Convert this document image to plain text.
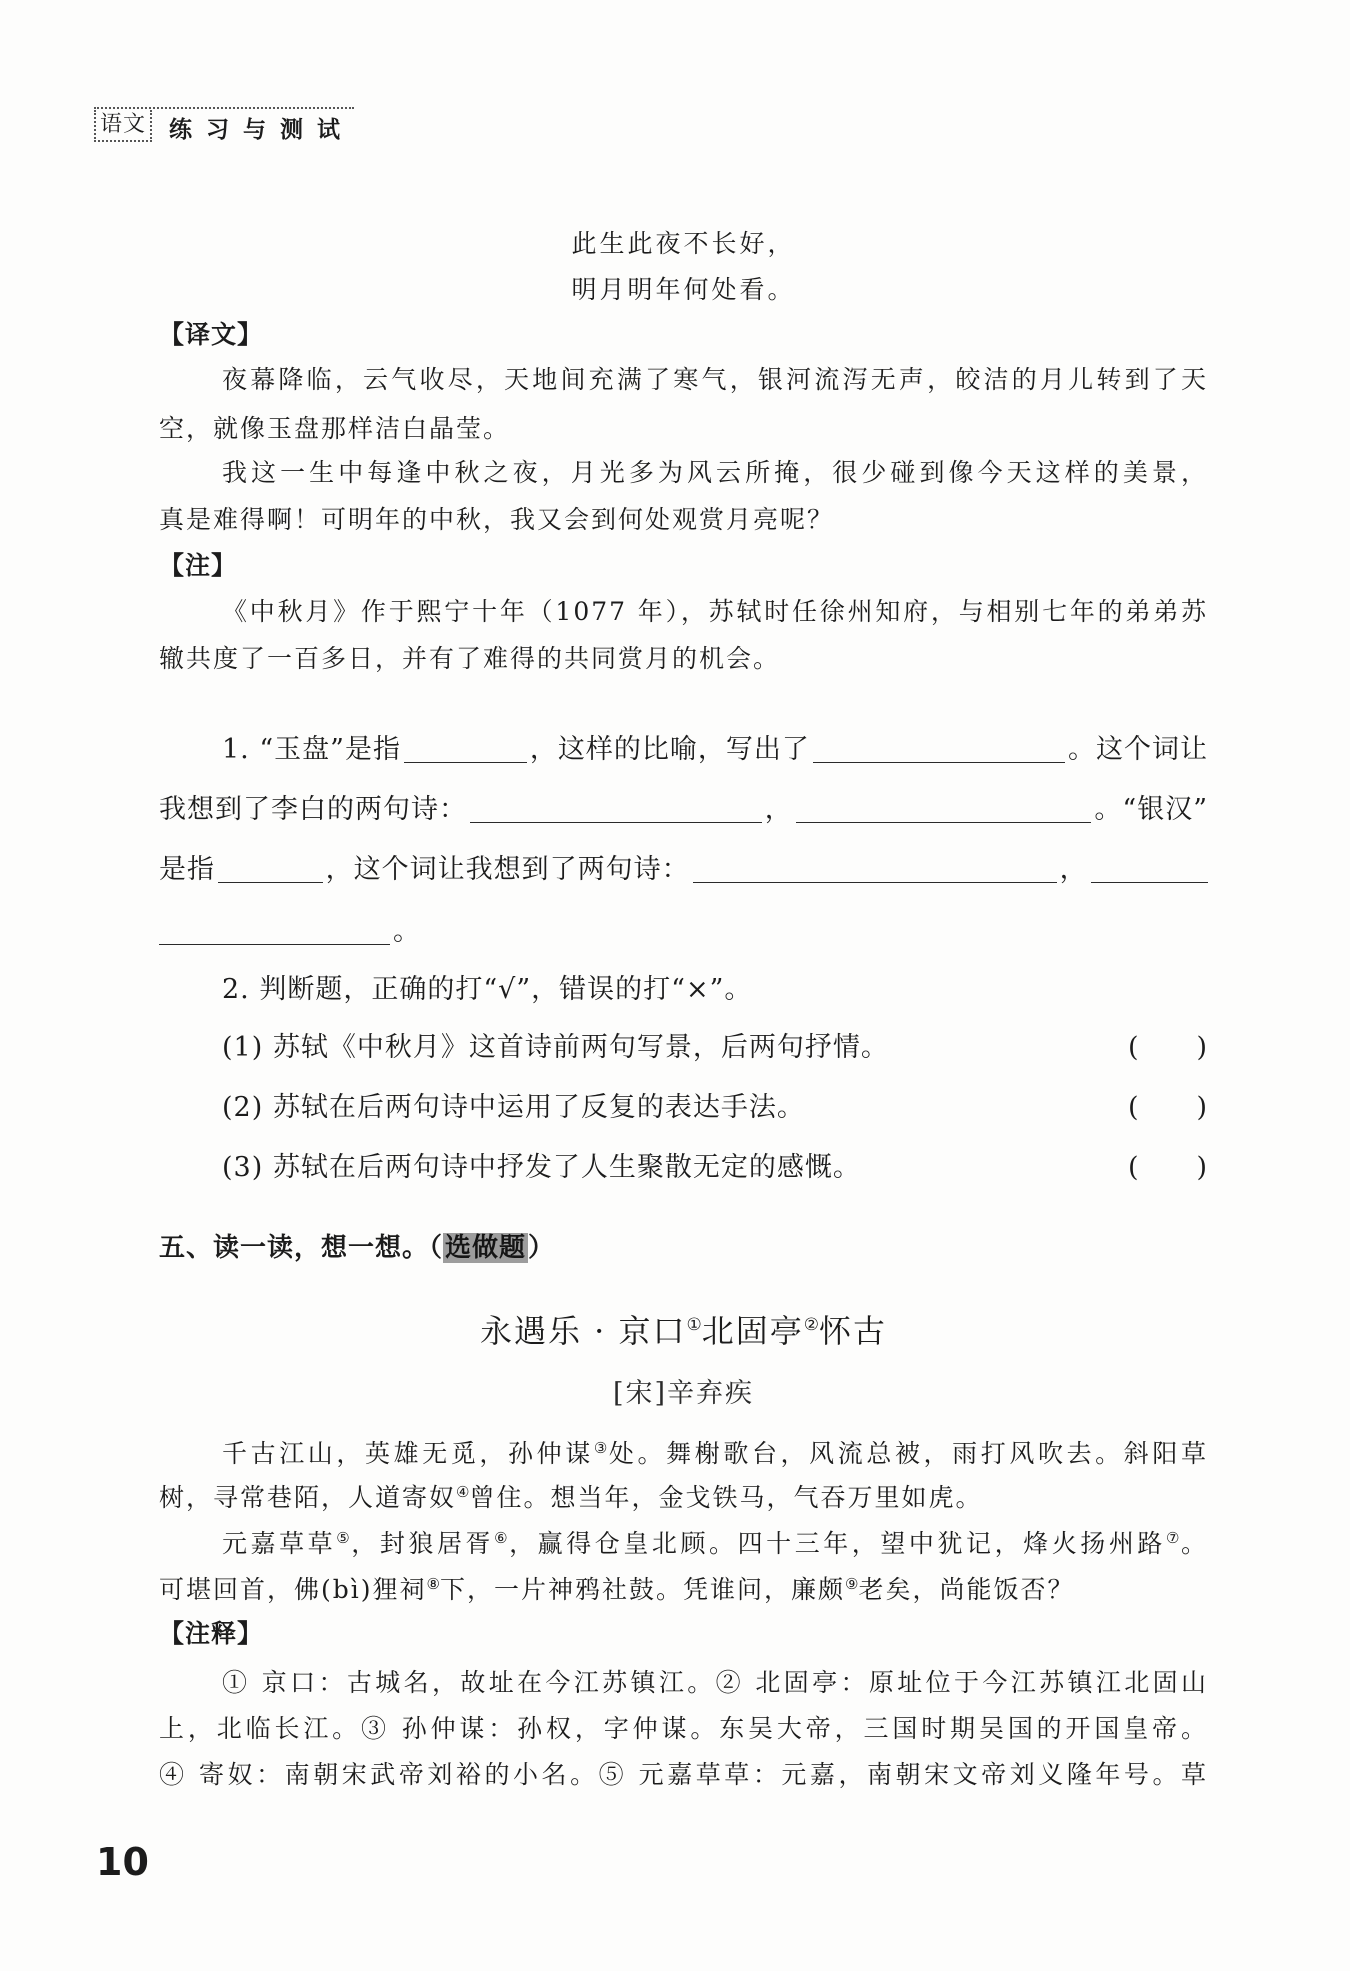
语文 练习与测试
此生此夜不长好，
明月明年何处看。
【译文】
夜幕降临，云气收尽，天地间充满了寒气，银河流泻无声，皎洁的月儿转到了天
空，就像玉盘那样洁白晶莹。
我这一生中每逢中秋之夜，月光多为风云所掩，很少碰到像今天这样的美景，
真是难得啊！可明年的中秋，我又会到何处观赏月亮呢？
【注】
《中秋月》作于熙宁十年（1077 年），苏轼时任徐州知府，与相别七年的弟弟苏
辙共度了一百多日，并有了难得的共同赏月的机会。
1. “玉盘”是指	，这样的比喻，写出了	。这个词让
我想到了李白的两句诗：	，	。“银汉”
是指	，这个词让我想到了两句诗：	，
。
2. 判断题，正确的打“√”，错误的打“×”。
(1) 苏轼《中秋月》这首诗前两句写景，后两句抒情。	( )
(2) 苏轼在后两句诗中运用了反复的表达手法。	( )
(3) 苏轼在后两句诗中抒发了人生聚散无定的感慨。	( )
五、读一读，想一想。（选做题）
永遇乐 · 京口①北固亭②怀古
[宋]辛弃疾
千古江山，英雄无觅，孙仲谋③处。舞榭歌台，风流总被，雨打风吹去。斜阳草
树，寻常巷陌，人道寄奴④曾住。想当年，金戈铁马，气吞万里如虎。
元嘉草草⑤，封狼居胥⑥，赢得仓皇北顾。四十三年，望中犹记，烽火扬州路⑦。
可堪回首，佛(bì)狸祠⑧下，一片神鸦社鼓。凭谁问，廉颇⑨老矣，尚能饭否？
【注释】
① 京口：古城名，故址在今江苏镇江。② 北固亭：原址位于今江苏镇江北固山
上，北临长江。③ 孙仲谋：孙权，字仲谋。东吴大帝，三国时期吴国的开国皇帝。
④ 寄奴：南朝宋武帝刘裕的小名。⑤ 元嘉草草：元嘉，南朝宋文帝刘义隆年号。草
10
